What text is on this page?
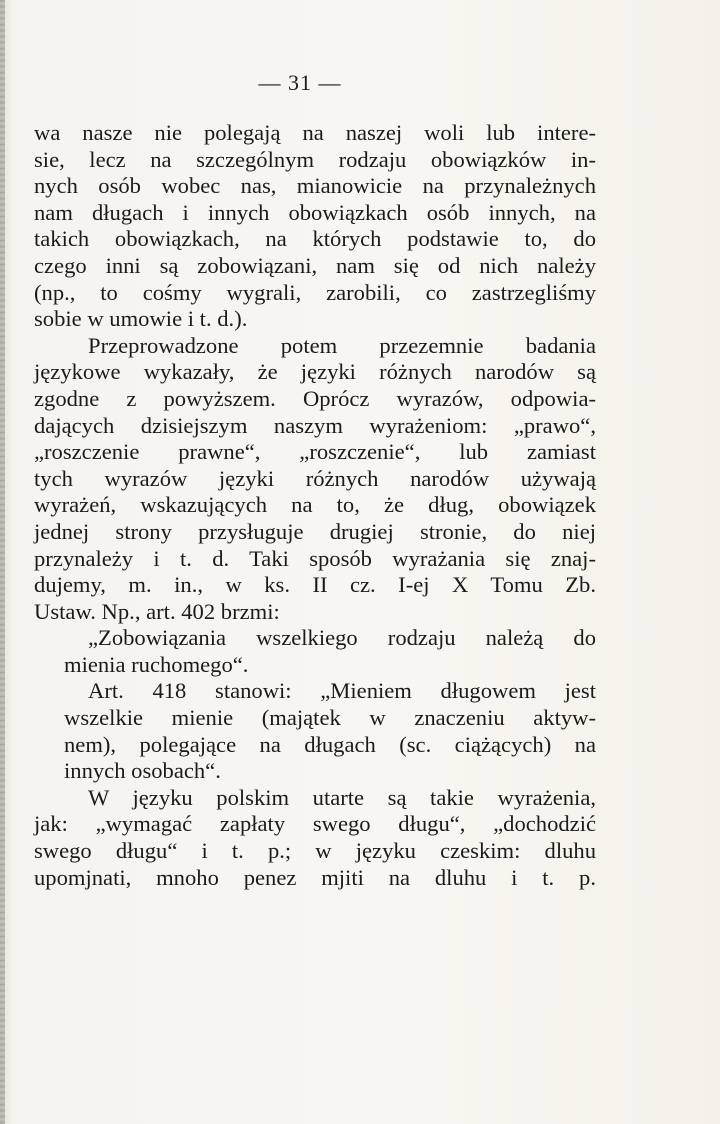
— 31 —
wa nasze nie polegają na naszej woli lub intere-
sie, lecz na szczególnym rodzaju obowiązków in-
nych osób wobec nas, mianowicie na przynależnych
nam długach i innych obowiązkach osób innych, na
takich obowiązkach, na których podstawie to, do
czego inni są zobowiązani, nam się od nich należy
(np., to cośmy wygrali, zarobili, co zastrzegliśmy
sobie w umowie i t. d.).
Przeprowadzone potem przezemnie badania
językowe wykazały, że języki różnych narodów są
zgodne z powyższem. Oprócz wyrazów, odpowia-
dających dzisiejszym naszym wyrażeniom: „prawo“,
„roszczenie prawne“, „roszczenie“, lub zamiast
tych wyrazów języki różnych narodów używają
wyrażeń, wskazujących na to, że dług, obowiązek
jednej strony przysługuje drugiej stronie, do niej
przynależy i t. d. Taki sposób wyrażania się znaj-
dujemy, m. in., w ks. II cz. I-ej X Tomu Zb.
Ustaw. Np., art. 402 brzmi:
„Zobowiązania wszelkiego rodzaju należą do
mienia ruchomego“.
Art. 418 stanowi: „Mieniem długowem jest
wszelkie mienie (majątek w znaczeniu aktyw-
nem), polegające na długach (sc. ciążących) na
innych osobach“.
W języku polskim utarte są takie wyrażenia,
jak: „wymagać zapłaty swego długu“, „dochodzić
swego długu“ i t. p.; w języku czeskim: dluhu
upomjnati, mnoho penez mjiti na dluhu i t. p.
